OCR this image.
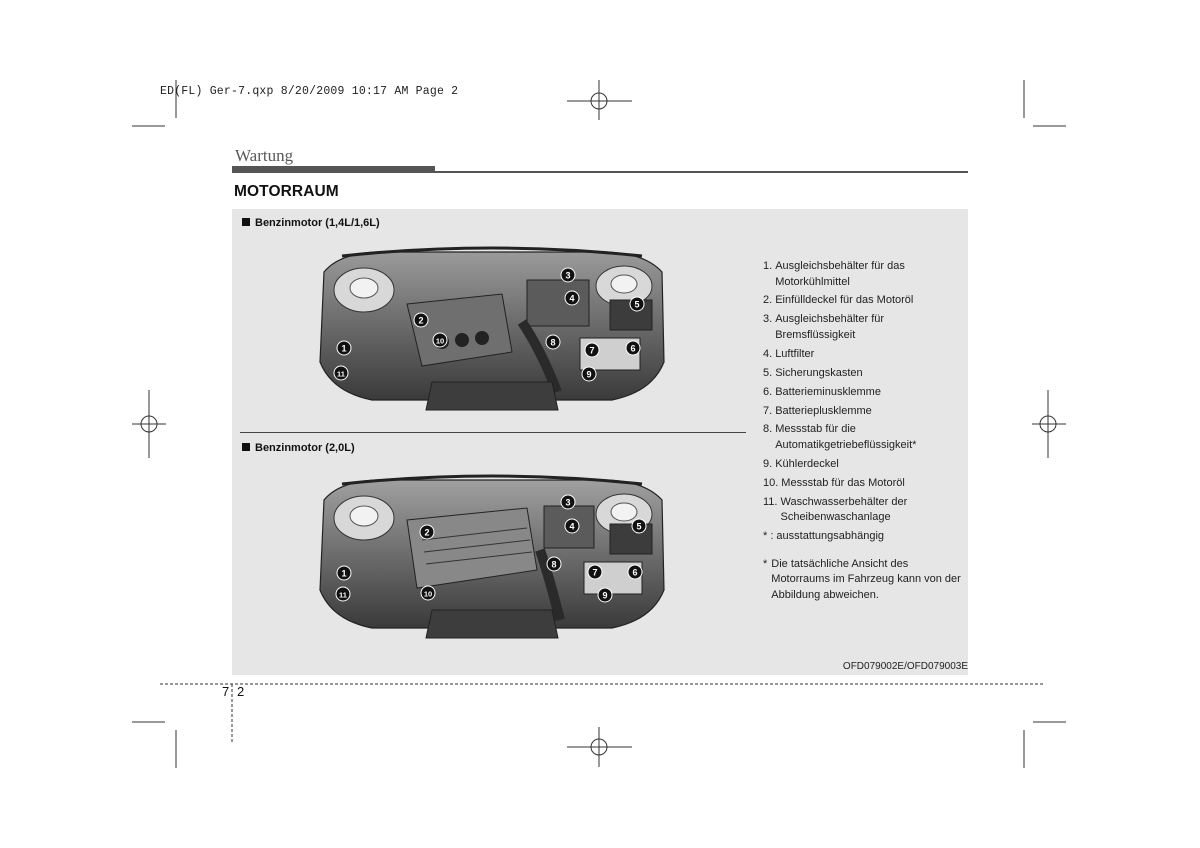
ED(FL) Ger-7.qxp 8/20/2009 10:17 AM Page 2
Wartung
MOTORRAUM
Benzinmotor (1,4L/1,6L)
1
2
3
4
5
6
7
8
9
10
11
Benzinmotor (2,0L)
1
2
3
4	5
6
7
8
9
10
11
1. Ausgleichsbehälter für das Motorkühlmittel
2. Einfülldeckel für das Motoröl
3. Ausgleichsbehälter für Bremsflüssigkeit
4. Luftfilter
5. Sicherungskasten
6. Batterieminusklemme
7. Batterieplusklemme
8. Messstab für die Automatikgetriebeflüssigkeit*
9. Kühlerdeckel
10. Messstab für das Motoröl
11. Waschwasserbehälter der Scheibenwaschanlage
* : ausstattungsabhängig
* Die tatsächliche Ansicht des Motorraums im Fahrzeug kann von der Abbildung abweichen.
OFD079002E/OFD079003E
7 2
